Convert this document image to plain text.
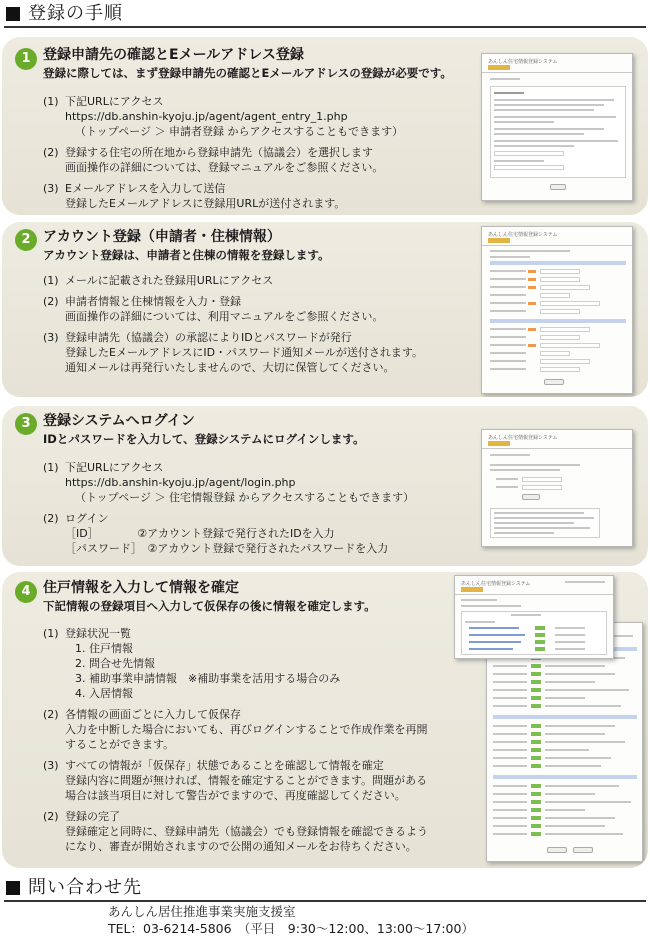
登録の手順
1 登録申請先の確認とEメールアドレス登録
登録に際しては、まず登録申請先の確認とEメールアドレスの登録が必要です。
(1) 下記URLにアクセス
https://db.anshin-kyoju.jp/agent/agent_entry_1.php
（トップページ ＞ 申請者登録 からアクセスすることもできます）
(2) 登録する住宅の所在地から登録申請先（協議会）を選択します
画面操作の詳細については、登録マニュアルをご参照ください。
(3) Eメールアドレスを入力して送信
登録したEメールアドレスに登録用URLが送付されます。
あんしん住宅情報登録システム
2 アカウント登録（申請者・住棟情報）
アカウント登録は、申請者と住棟の情報を登録します。
(1) メールに記載された登録用URLにアクセス
(2) 申請者情報と住棟情報を入力・登録
画面操作の詳細については、利用マニュアルをご参照ください。
(3) 登録申請先（協議会）の承認によりIDとパスワードが発行
登録したEメールアドレスにID・パスワード通知メールが送付されます。
通知メールは再発行いたしませんので、大切に保管してください。
あんしん住宅情報登録システム
3 登録システムへログイン
IDとパスワードを入力して、登録システムにログインします。
(1) 下記URLにアクセス
https://db.anshin-kyoju.jp/agent/login.php
（トップページ ＞ 住宅情報登録 からアクセスすることもできます）
(2) ログイン
［ID］　　　　②アカウント登録で発行されたIDを入力
［パスワード］　②アカウント登録で発行されたパスワードを入力
あんしん住宅情報登録システム
4 住戸情報を入力して情報を確定
下記情報の登録項目へ入力して仮保存の後に情報を確定します。
(1) 登録状況一覧
1. 住戸情報
2. 問合せ先情報
3. 補助事業申請情報　※補助事業を活用する場合のみ
4. 入居情報
(2) 各情報の画面ごとに入力して仮保存
入力を中断した場合においても、再びログインすることで作成作業を再開
することができます。
(3) すべての情報が「仮保存」状態であることを確認して情報を確定
登録内容に問題が無ければ、情報を確定することができます。問題がある
場合は該当項目に対して警告がでますので、再度確認してください。
(2) 登録の完了
登録確定と同時に、登録申請先（協議会）でも登録情報を確認できるよう
になり、審査が開始されますので公開の通知メールをお待ちください。
あんしん住宅情報登録システム
問い合わせ先
あんしん居住推進事業実施支援室
TEL：03-6214-5806　（平日　9:30～12:00、13:00～17:00）
